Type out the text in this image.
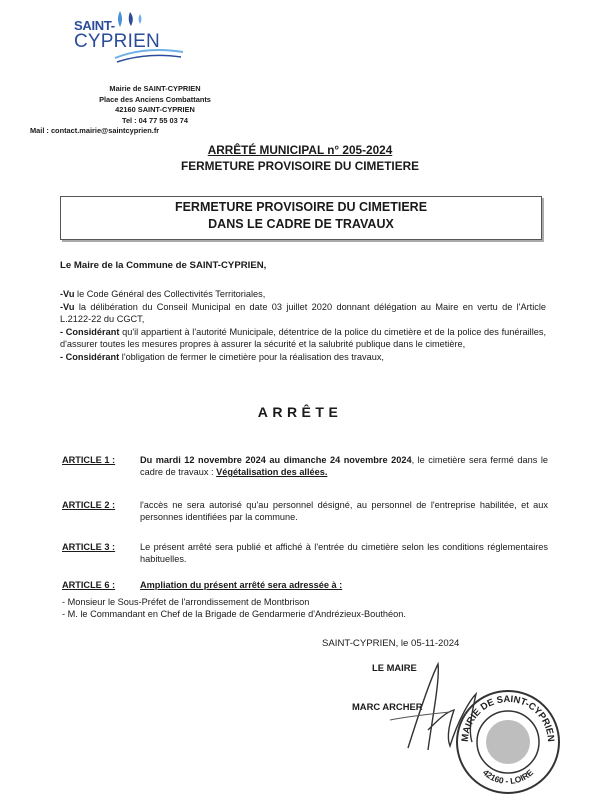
SAINT-
CYPRIEN
Mairie de SAINT-CYPRIEN
Place des Anciens Combattants
42160 SAINT-CYPRIEN
Tel : 04 77 55 03 74
Mail : contact.mairie@saintcyprien.fr
ARRÊTÉ MUNICIPAL n° 205-2024
FERMETURE PROVISOIRE DU CIMETIERE
FERMETURE PROVISOIRE DU CIMETIERE
DANS LE CADRE DE TRAVAUX
Le Maire de la Commune de SAINT-CYPRIEN,

-Vu le Code Général des Collectivités Territoriales,

-Vu la délibération du Conseil Municipal en date 03 juillet 2020 donnant délégation au Maire en vertu de l'Article L.2122-22 du CGCT,

- Considérant qu'il appartient à l'autorité Municipale, détentrice de la police du cimetière et de la police des funérailles, d'assurer toutes les mesures propres à assurer la sécurité et la salubrité publique dans le cimetière,

- Considérant l'obligation de fermer le cimetière pour la réalisation des travaux,

ARRÊTE
ARTICLE 1 :	Du mardi 12 novembre 2024 au dimanche 24 novembre 2024, le cimetière sera fermé dans le cadre de travaux : Végétalisation des allées.
ARTICLE 2 :	l'accès ne sera autorisé qu'au personnel désigné, au personnel de l'entreprise habilitée, et aux personnes identifiées par la commune.
ARTICLE 3 :	Le présent arrêté sera publié et affiché à l'entrée du cimetière selon les conditions réglementaires habituelles.
ARTICLE 6 :	Ampliation du présent arrêté sera adressée à :
- Monsieur le Sous-Préfet de l'arrondissement de Montbrison
- M. le Commandant en Chef de la Brigade de Gendarmerie d'Andrézieux-Bouthéon.
SAINT-CYPRIEN, le 05-11-2024
LE MAIRE
MARC ARCHER
MAIRIE DE SAINT-CYPRIEN
42160 - LOIRE
